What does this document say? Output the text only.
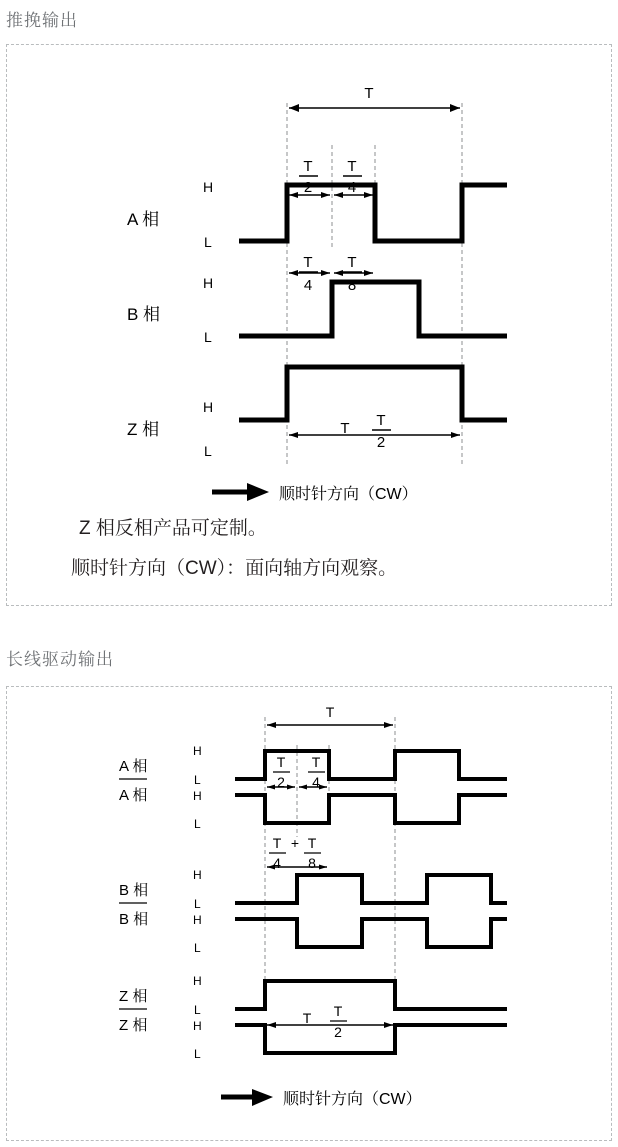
推挽输出
A 相
B 相
Z 相
H
L
H
L
H
L
T
T
2
T
4
T
4
T
8
T T
2
顺时针方向（CW）
Z 相反相产品可定制。
顺时针方向（CW）：面向轴方向观察。
长线驱动输出
A 相
A 相
B 相
B 相
Z 相
Z 相
H
L
H
L
H
L
H
L
H
L
H
L
T
T
2
T
4
T
4
+ T
8
T T
2
顺时针方向（CW）
